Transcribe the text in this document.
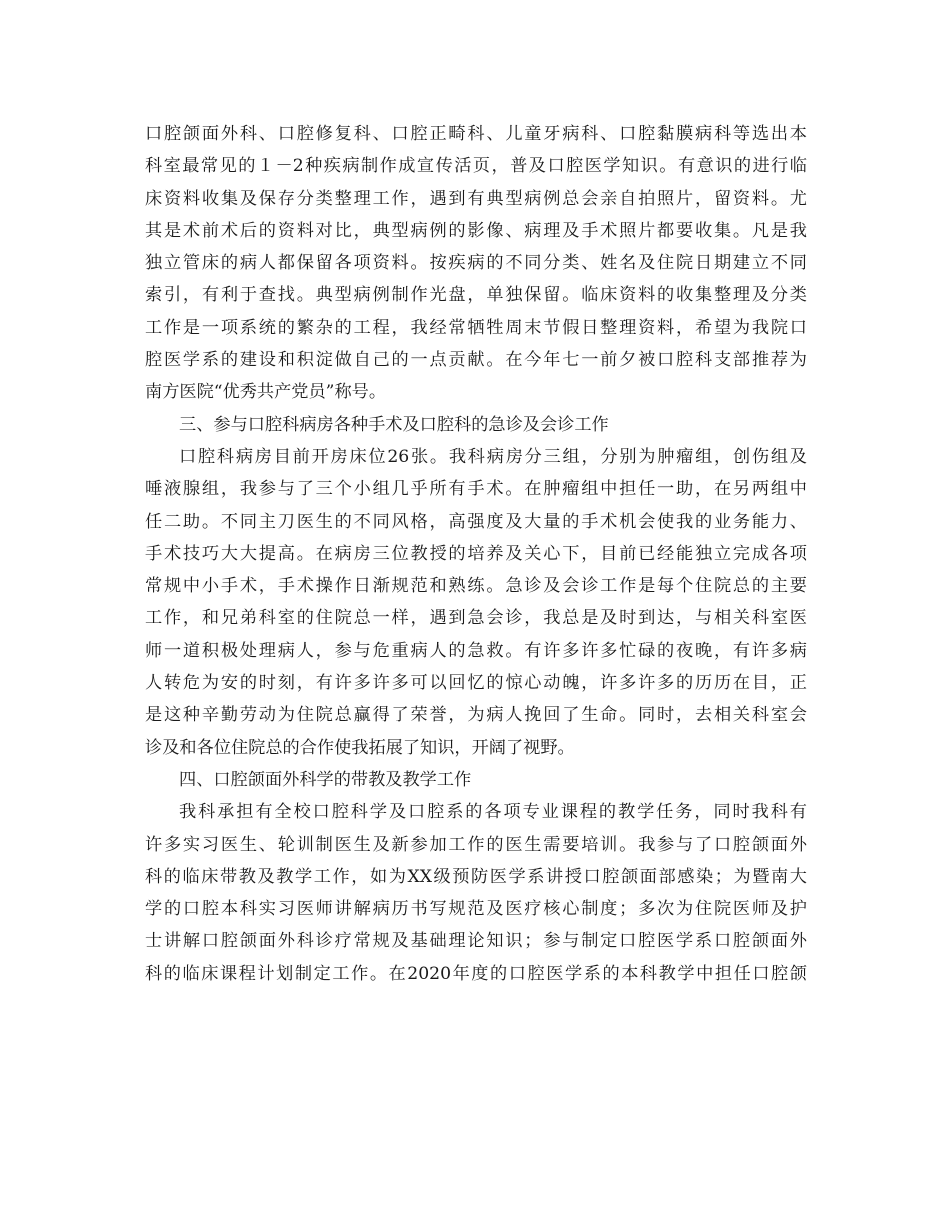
口腔颌面外科、口腔修复科、口腔正畸科、儿童牙病科、口腔黏膜病科等选出本
科室最常见的１－2种疾病制作成宣传活页，普及口腔医学知识。有意识的进行临
床资料收集及保存分类整理工作，遇到有典型病例总会亲自拍照片，留资料。尤
其是术前术后的资料对比，典型病例的影像、病理及手术照片都要收集。凡是我
独立管床的病人都保留各项资料。按疾病的不同分类、姓名及住院日期建立不同
索引，有利于查找。典型病例制作光盘，单独保留。临床资料的收集整理及分类
工作是一项系统的繁杂的工程，我经常牺牲周末节假日整理资料，希望为我院口
腔医学系的建设和积淀做自己的一点贡献。在今年七一前夕被口腔科支部推荐为
南方医院“优秀共产党员”称号。
三、参与口腔科病房各种手术及口腔科的急诊及会诊工作
口腔科病房目前开房床位26张。我科病房分三组，分别为肿瘤组，创伤组及
唾液腺组，我参与了三个小组几乎所有手术。在肿瘤组中担任一助，在另两组中
任二助。不同主刀医生的不同风格，高强度及大量的手术机会使我的业务能力、
手术技巧大大提高。在病房三位教授的培养及关心下，目前已经能独立完成各项
常规中小手术，手术操作日渐规范和熟练。急诊及会诊工作是每个住院总的主要
工作，和兄弟科室的住院总一样，遇到急会诊，我总是及时到达，与相关科室医
师一道积极处理病人，参与危重病人的急救。有许多许多忙碌的夜晚，有许多病
人转危为安的时刻，有许多许多可以回忆的惊心动魄，许多许多的历历在目，正
是这种辛勤劳动为住院总赢得了荣誉，为病人挽回了生命。同时，去相关科室会
诊及和各位住院总的合作使我拓展了知识，开阔了视野。
四、口腔颌面外科学的带教及教学工作
我科承担有全校口腔科学及口腔系的各项专业课程的教学任务，同时我科有
许多实习医生、轮训制医生及新参加工作的医生需要培训。我参与了口腔颌面外
科的临床带教及教学工作，如为XX级预防医学系讲授口腔颌面部感染；为暨南大
学的口腔本科实习医师讲解病历书写规范及医疗核心制度；多次为住院医师及护
士讲解口腔颌面外科诊疗常规及基础理论知识；参与制定口腔医学系口腔颌面外
科的临床课程计划制定工作。在2020年度的口腔医学系的本科教学中担任口腔颌
